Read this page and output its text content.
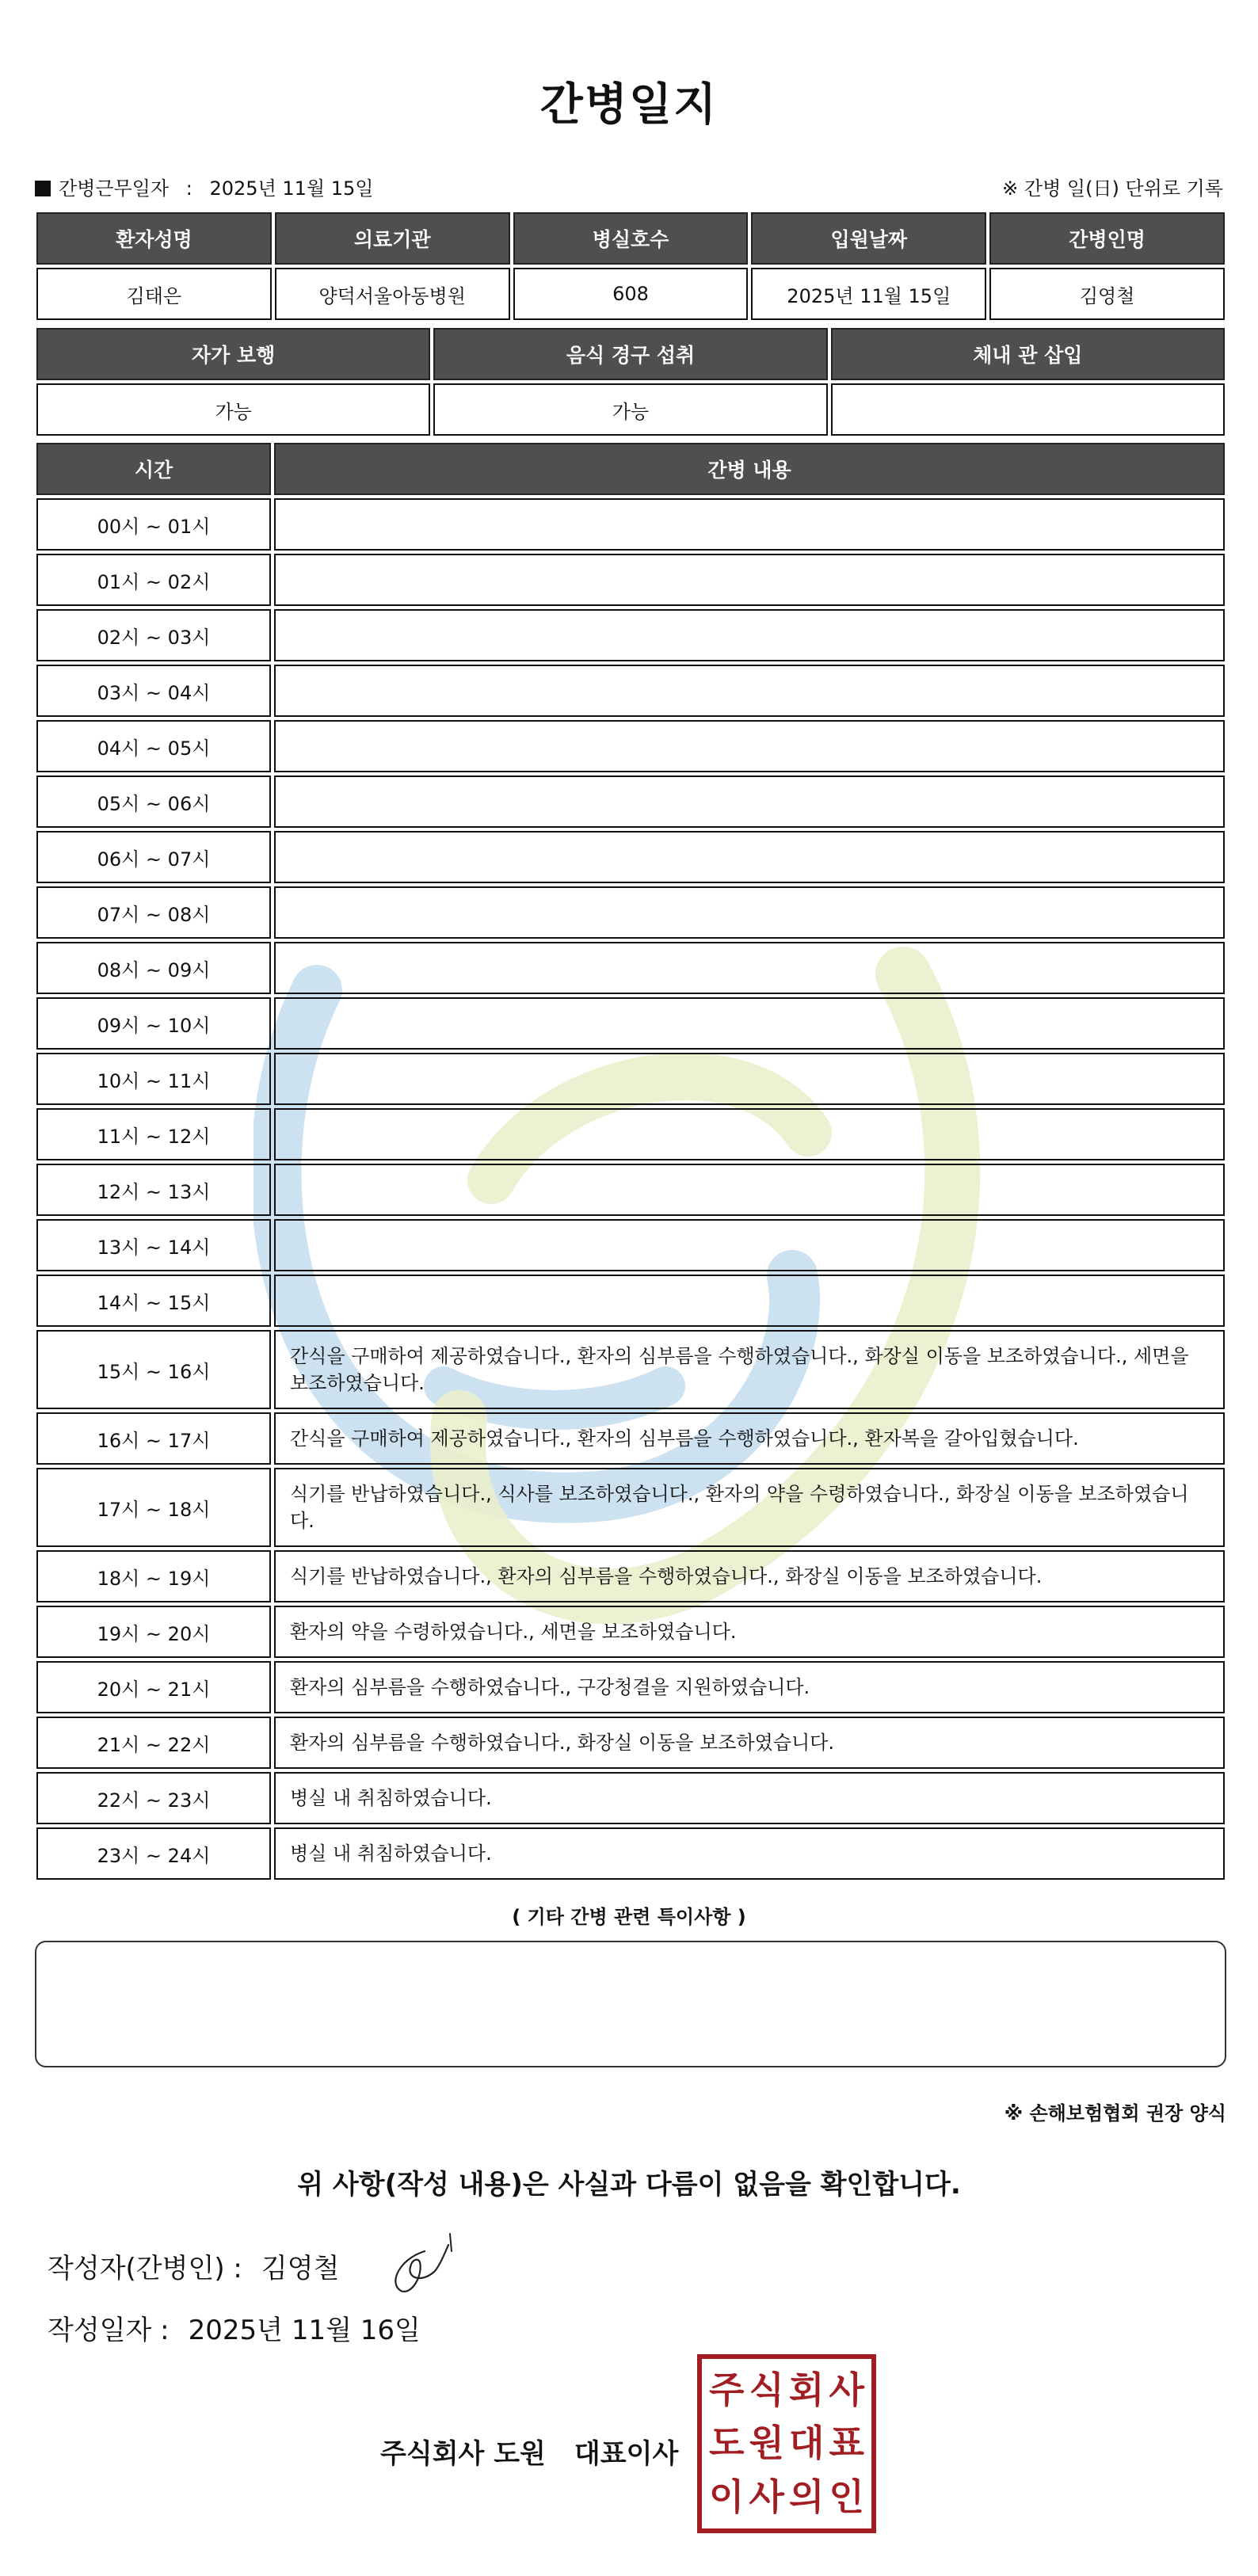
간병일지
간병근무일자 : 2025년 11월 15일	※ 간병 일(日) 단위로 기록
환자성명	의료기관	병실호수	입원날짜	간병인명
김태은	양덕서울아동병원	608	2025년 11월 15일	김영철
자가 보행	음식 경구 섭취	체내 관 삽입
가능	가능	
시간	간병 내용
00시 ~ 01시	
01시 ~ 02시	
02시 ~ 03시	
03시 ~ 04시	
04시 ~ 05시	
05시 ~ 06시	
06시 ~ 07시	
07시 ~ 08시	
08시 ~ 09시	
09시 ~ 10시	
10시 ~ 11시	
11시 ~ 12시	
12시 ~ 13시	
13시 ~ 14시	
14시 ~ 15시	
15시 ~ 16시	간식을 구매하여 제공하였습니다., 환자의 심부름을 수행하였습니다., 화장실 이동을 보조하였습니다., 세면을 보조하였습니다.
16시 ~ 17시	간식을 구매하여 제공하였습니다., 환자의 심부름을 수행하였습니다., 환자복을 갈아입혔습니다.
17시 ~ 18시	식기를 반납하였습니다., 식사를 보조하였습니다., 환자의 약을 수령하였습니다., 화장실 이동을 보조하였습니다.
18시 ~ 19시	식기를 반납하였습니다., 환자의 심부름을 수행하였습니다., 화장실 이동을 보조하였습니다.
19시 ~ 20시	환자의 약을 수령하였습니다., 세면을 보조하였습니다.
20시 ~ 21시	환자의 심부름을 수행하였습니다., 구강청결을 지원하였습니다.
21시 ~ 22시	환자의 심부름을 수행하였습니다., 화장실 이동을 보조하였습니다.
22시 ~ 23시	병실 내 취침하였습니다.
23시 ~ 24시	병실 내 취침하였습니다.
( 기타 간병 관련 특이사항 )
※ 손해보험협회 권장 양식
위 사항(작성 내용)은 사실과 다름이 없음을 확인합니다.
작성자(간병인) : 김영철
작성일자 : 2025년 11월 16일
주식회사 도원 대표이사
주 식 회 사
도 원 대 표
이 사 의 인
